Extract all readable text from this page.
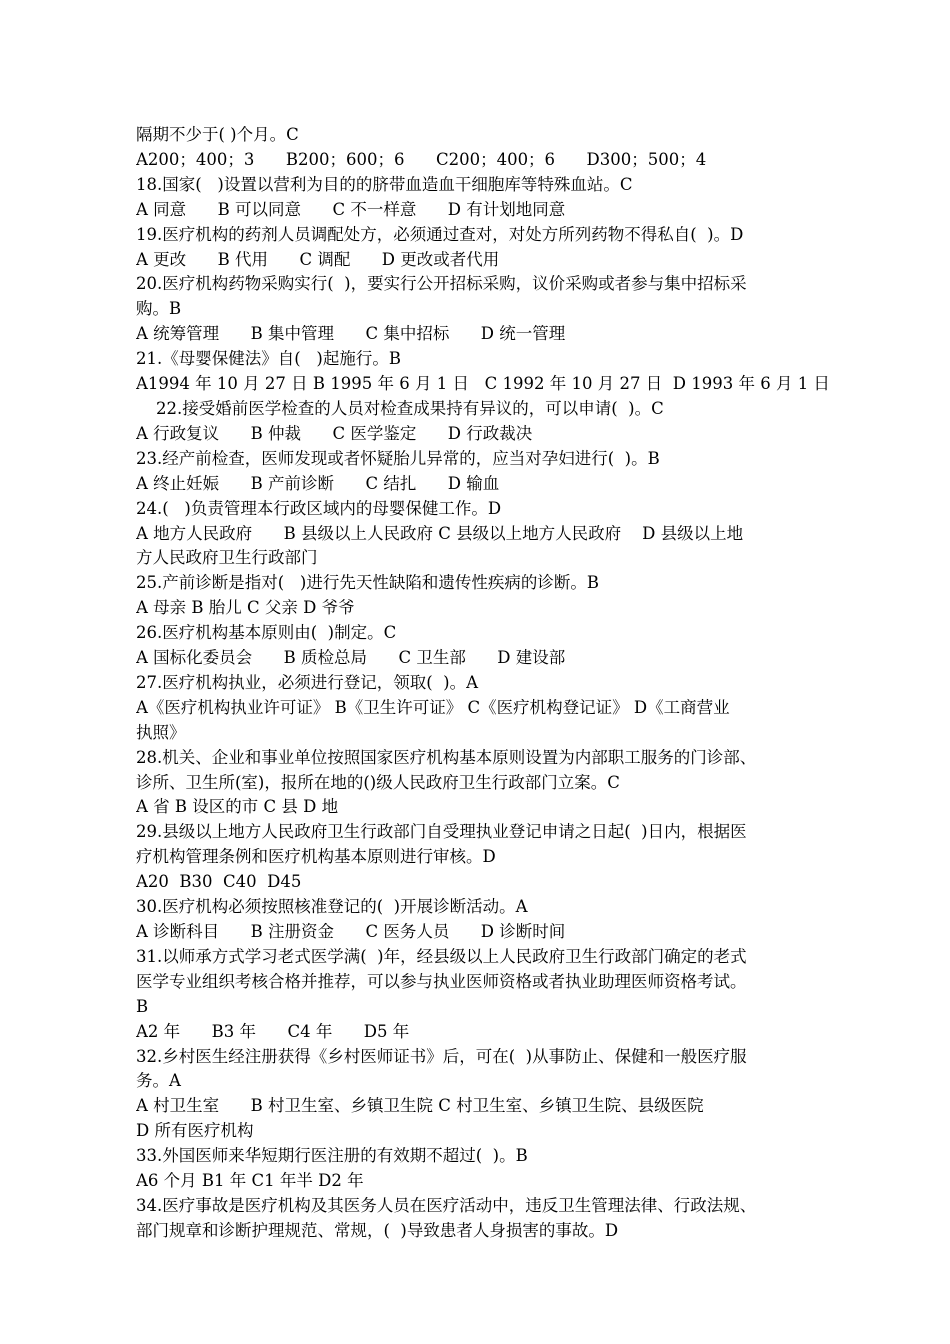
隔期不少于( )个月。C
A200；400；3      B200；600；6      C200；400；6      D300；500；4
18.国家(   )设置以营利为目的的脐带血造血干细胞库等特殊血站。C
A 同意      B 可以同意      C 不一样意      D 有计划地同意
19.医疗机构的药剂人员调配处方，必须通过查对，对处方所列药物不得私自(  )。D
A 更改      B 代用      C 调配      D 更改或者代用
20.医疗机构药物采购实行(  )，要实行公开招标采购，议价采购或者参与集中招标采
购。B
A 统筹管理      B 集中管理      C 集中招标      D 统一管理
21.《母婴保健法》自(   )起施行。B
A1994 年 10 月 27 日 B 1995 年 6 月 1 日   C 1992 年 10 月 27 日  D 1993 年 6 月 1 日
22.接受婚前医学检查的人员对检查成果持有异议的，可以申请(  )。C
A 行政复议      B 仲裁      C 医学鉴定      D 行政裁决
23.经产前检查，医师发现或者怀疑胎儿异常的，应当对孕妇进行(  )。B
A 终止妊娠      B 产前诊断      C 结扎      D 输血
24.(   )负责管理本行政区域内的母婴保健工作。D
A 地方人民政府      B 县级以上人民政府 C 县级以上地方人民政府    D 县级以上地
方人民政府卫生行政部门
25.产前诊断是指对(   )进行先天性缺陷和遗传性疾病的诊断。B
A 母亲 B 胎儿 C 父亲 D 爷爷
26.医疗机构基本原则由(  )制定。C
A 国标化委员会      B 质检总局      C 卫生部      D 建设部
27.医疗机构执业，必须进行登记，领取(  )。A
A《医疗机构执业许可证》 B《卫生许可证》 C《医疗机构登记证》 D《工商营业
执照》
28.机关、企业和事业单位按照国家医疗机构基本原则设置为内部职工服务的门诊部、
诊所、卫生所(室)，报所在地的()级人民政府卫生行政部门立案。C
A 省 B 设区的市 C 县 D 地
29.县级以上地方人民政府卫生行政部门自受理执业登记申请之日起(  )日内，根据医
疗机构管理条例和医疗机构基本原则进行审核。D
A20  B30  C40  D45
30.医疗机构必须按照核准登记的(  )开展诊断活动。A
A 诊断科目      B 注册资金      C 医务人员      D 诊断时间
31.以师承方式学习老式医学满(  )年，经县级以上人民政府卫生行政部门确定的老式
医学专业组织考核合格并推荐，可以参与执业医师资格或者执业助理医师资格考试。
B
A2 年      B3 年      C4 年      D5 年
32.乡村医生经注册获得《乡村医师证书》后，可在(  )从事防止、保健和一般医疗服
务。A
A 村卫生室      B 村卫生室、乡镇卫生院 C 村卫生室、乡镇卫生院、县级医院
D 所有医疗机构
33.外国医师来华短期行医注册的有效期不超过(  )。B
A6 个月 B1 年 C1 年半 D2 年
34.医疗事故是医疗机构及其医务人员在医疗活动中，违反卫生管理法律、行政法规、
部门规章和诊断护理规范、常规，(  )导致患者人身损害的事故。D
